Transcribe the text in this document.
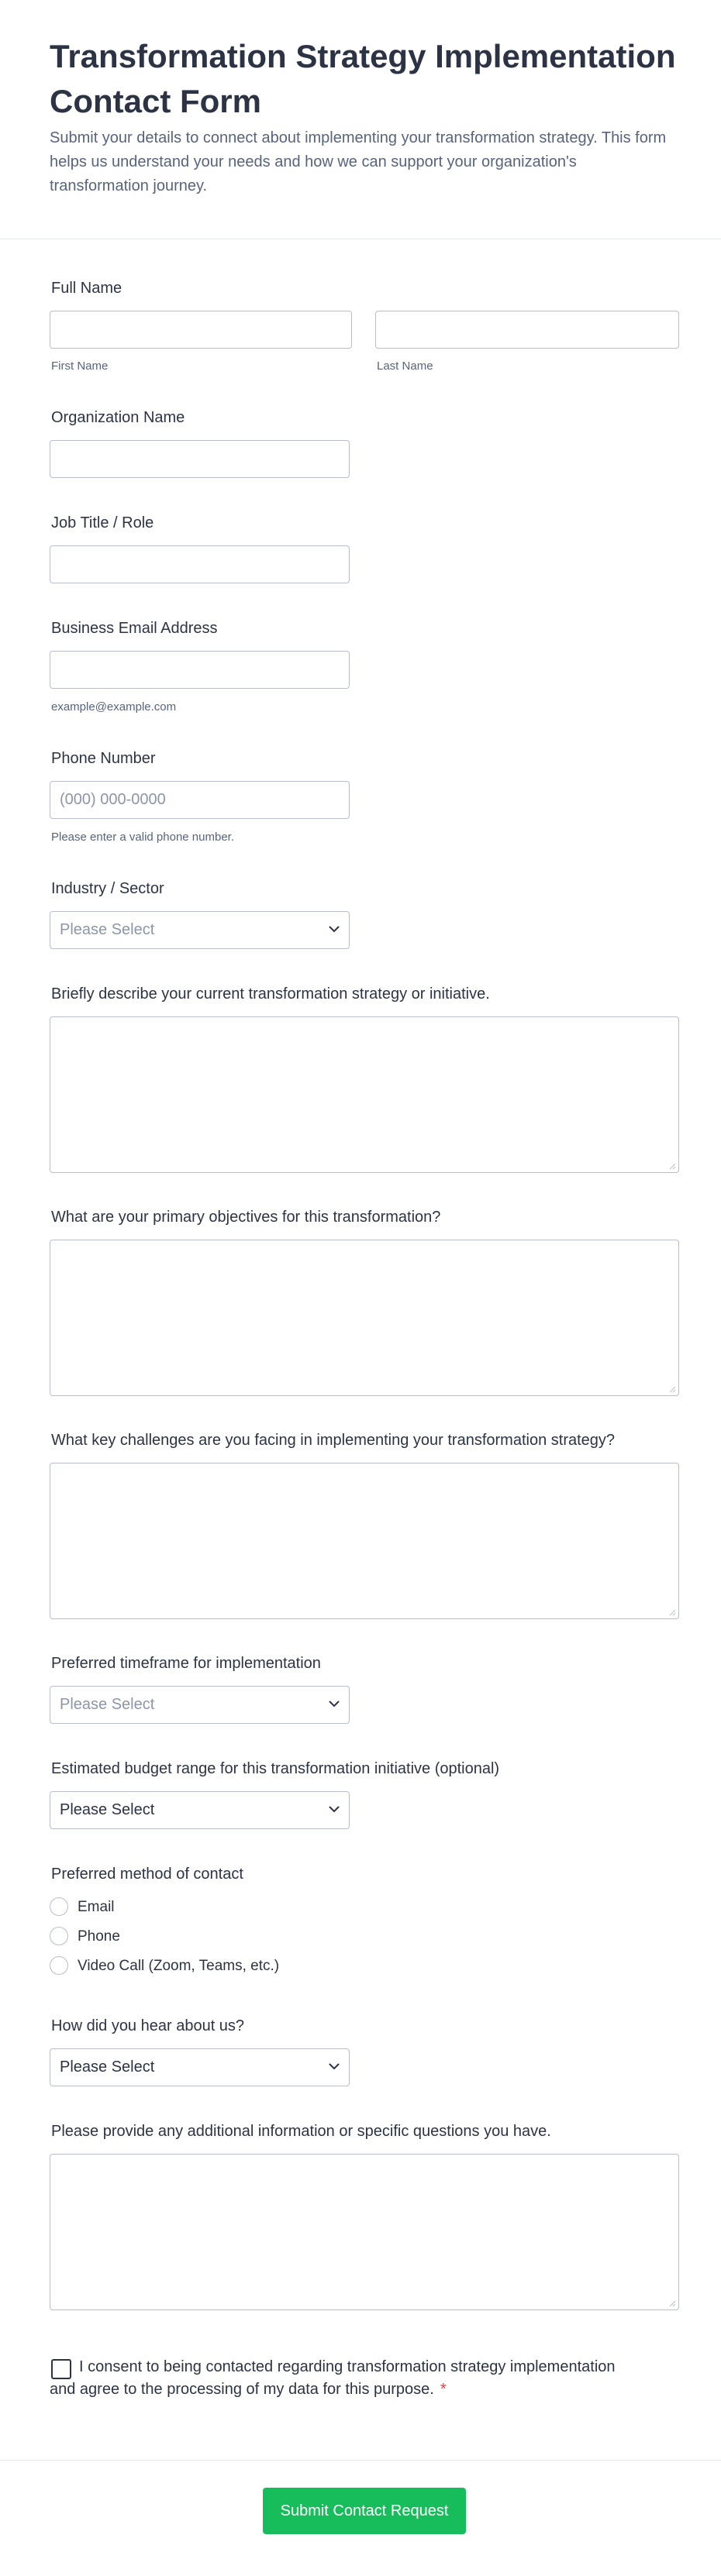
Transformation Strategy Implementation Contact Form

Submit your details to connect about implementing your transformation strategy. This form helps us understand your needs and how we can support your organization's transformation journey.

Full Name
First Name	Last Name
Organization Name
Job Title / Role
Business Email Address
example@example.com
Phone Number
(000) 000-0000
Please enter a valid phone number.
Industry / Sector
Please Select
Briefly describe your current transformation strategy or initiative.
What are your primary objectives for this transformation?
What key challenges are you facing in implementing your transformation strategy?
Preferred timeframe for implementation
Please Select
Estimated budget range for this transformation initiative (optional)
Please Select
Preferred method of contact
Email
Phone
Video Call (Zoom, Teams, etc.)
How did you hear about us?
Please Select
Please provide any additional information or specific questions you have.

I consent to being contacted regarding transformation strategy implementation and agree to the processing of my data for this purpose. *

Submit Contact Request
